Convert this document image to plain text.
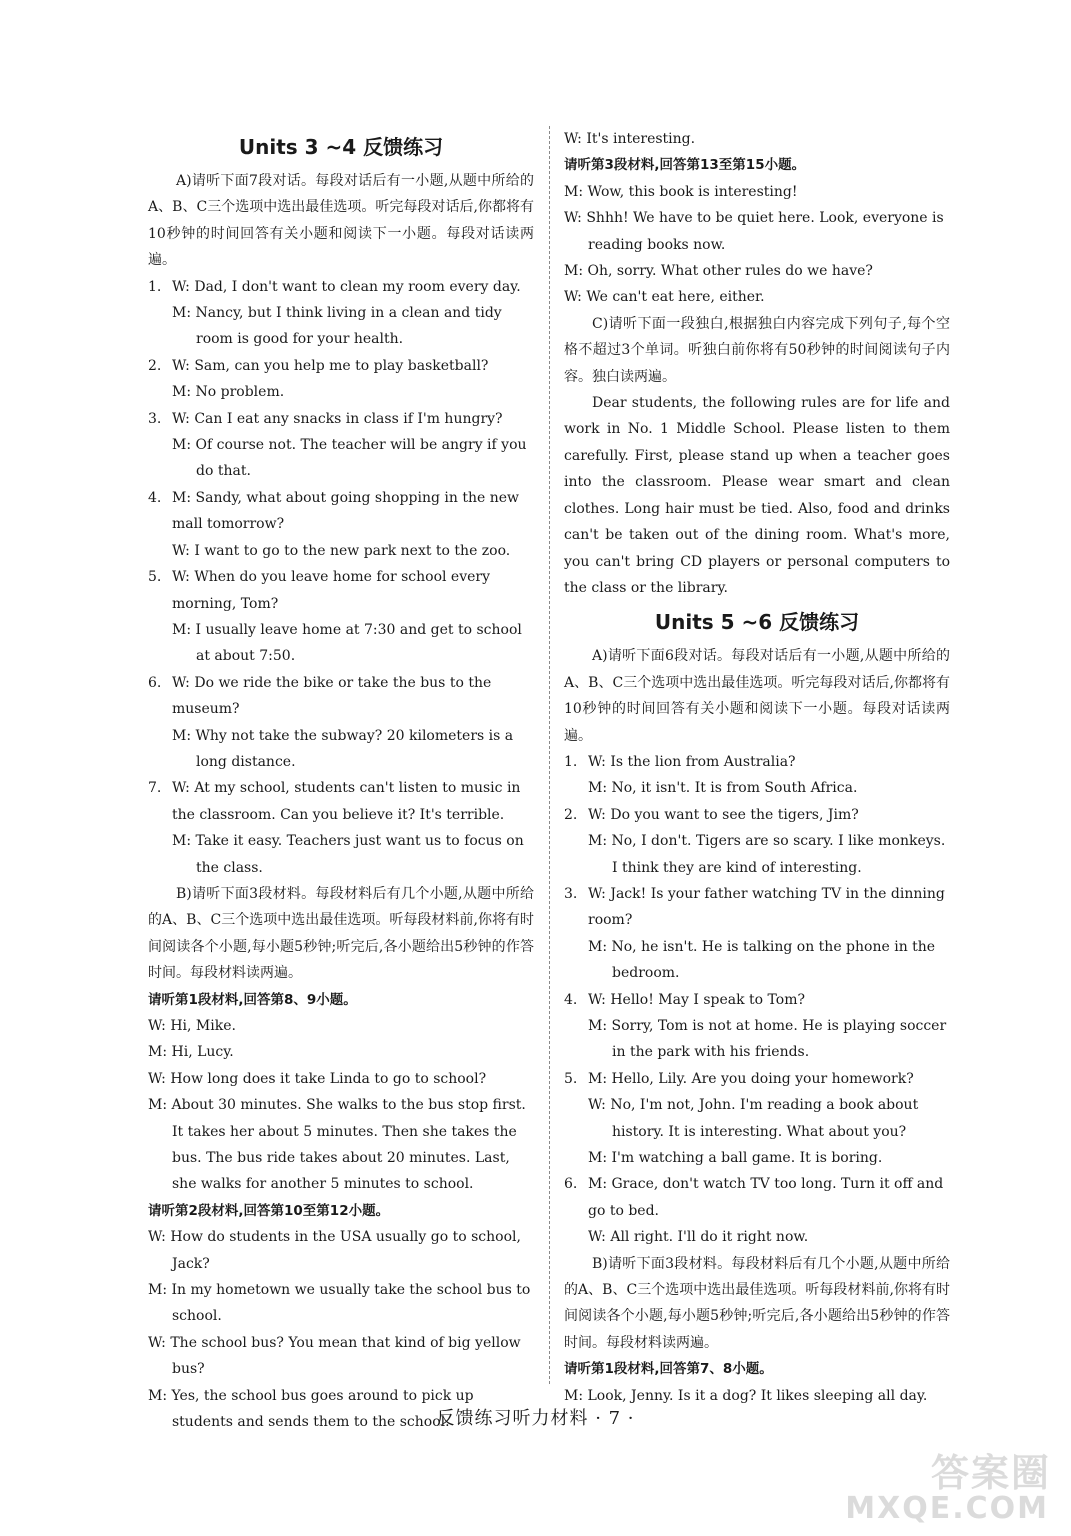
Units 3 ~4 反馈练习
A)请听下面7段对话。每段对话后有一小题,从题中所给的A、B、C三个选项中选出最佳选项。听完每段对话后,你都将有10秒钟的时间回答有关小题和阅读下一小题。每段对话读两遍。
1. W: Dad, I don't want to clean my room every day.
M: Nancy, but I think living in a clean and tidy room is good for your health.
2. W: Sam, can you help me to play basketball?
M: No problem.
3. W: Can I eat any snacks in class if I'm hungry?
M: Of course not. The teacher will be angry if you do that.
4. M: Sandy, what about going shopping in the new mall tomorrow?
W: I want to go to the new park next to the zoo.
5. W: When do you leave home for school every morning, Tom?
M: I usually leave home at 7:30 and get to school at about 7:50.
6. W: Do we ride the bike or take the bus to the museum?
M: Why not take the subway? 20 kilometers is a long distance.
7. W: At my school, students can't listen to music in the classroom. Can you believe it? It's terrible.
M: Take it easy. Teachers just want us to focus on the class.
B)请听下面3段材料。每段材料后有几个小题,从题中所给的A、B、C三个选项中选出最佳选项。听每段材料前,你将有时间阅读各个小题,每小题5秒钟;听完后,各小题给出5秒钟的作答时间。每段材料读两遍。
请听第1段材料,回答第8、9小题。
W: Hi, Mike.
M: Hi, Lucy.
W: How long does it take Linda to go to school?
M: About 30 minutes. She walks to the bus stop first. It takes her about 5 minutes. Then she takes the bus. The bus ride takes about 20 minutes. Last, she walks for another 5 minutes to school.
请听第2段材料,回答第10至第12小题。
W: How do students in the USA usually go to school, Jack?
M: In my hometown we usually take the school bus to school.
W: The school bus? You mean that kind of big yellow bus?
M: Yes, the school bus goes around to pick up students and sends them to the school.
W: It's interesting.
请听第3段材料,回答第13至第15小题。
M: Wow, this book is interesting!
W: Shhh! We have to be quiet here. Look, everyone is reading books now.
M: Oh, sorry. What other rules do we have?
W: We can't eat here, either.
C)请听下面一段独白,根据独白内容完成下列句子,每个空格不超过3个单词。听独白前你将有50秒钟的时间阅读句子内容。独白读两遍。
Dear students, the following rules are for life and work in No. 1 Middle School. Please listen to them carefully. First, please stand up when a teacher goes into the classroom. Please wear smart and clean clothes. Long hair must be tied. Also, food and drinks can't be taken out of the dining room. What's more, you can't bring CD players or personal computers to the class or the library.
Units 5 ~6 反馈练习
A)请听下面6段对话。每段对话后有一小题,从题中所给的A、B、C三个选项中选出最佳选项。听完每段对话后,你都将有10秒钟的时间回答有关小题和阅读下一小题。每段对话读两遍。
1. W: Is the lion from Australia?
M: No, it isn't. It is from South Africa.
2. W: Do you want to see the tigers, Jim?
M: No, I don't. Tigers are so scary. I like monkeys. I think they are kind of interesting.
3. W: Jack! Is your father watching TV in the dinning room?
M: No, he isn't. He is talking on the phone in the bedroom.
4. W: Hello! May I speak to Tom?
M: Sorry, Tom is not at home. He is playing soccer in the park with his friends.
5. M: Hello, Lily. Are you doing your homework?
W: No, I'm not, John. I'm reading a book about history. It is interesting. What about you?
M: I'm watching a ball game. It is boring.
6. M: Grace, don't watch TV too long. Turn it off and go to bed.
W: All right. I'll do it right now.
B)请听下面3段材料。每段材料后有几个小题,从题中所给的A、B、C三个选项中选出最佳选项。听每段材料前,你将有时间阅读各个小题,每小题5秒钟;听完后,各小题给出5秒钟的作答时间。每段材料读两遍。
请听第1段材料,回答第7、8小题。
M: Look, Jenny. Is it a dog? It likes sleeping all day.
反馈练习听力材料 · 7 ·
答案圈
MXQE.COM
